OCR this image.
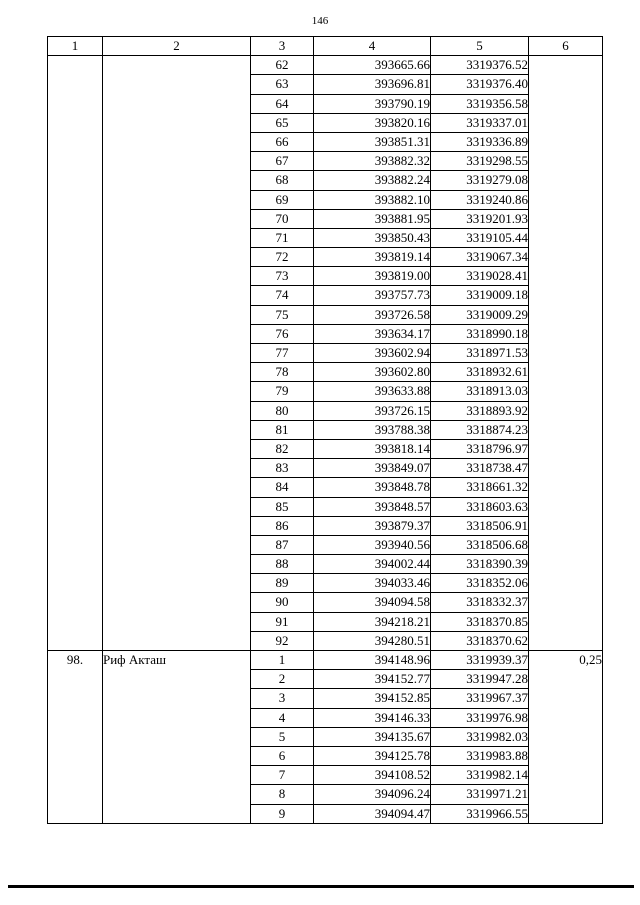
146
1	2	3	4	5	6
		62	393665.66	3319376.52	
		63	393696.81	3319376.40	
		64	393790.19	3319356.58	
		65	393820.16	3319337.01	
		66	393851.31	3319336.89	
		67	393882.32	3319298.55	
		68	393882.24	3319279.08	
		69	393882.10	3319240.86	
		70	393881.95	3319201.93	
		71	393850.43	3319105.44	
		72	393819.14	3319067.34	
		73	393819.00	3319028.41	
		74	393757.73	3319009.18	
		75	393726.58	3319009.29	
		76	393634.17	3318990.18	
		77	393602.94	3318971.53	
		78	393602.80	3318932.61	
		79	393633.88	3318913.03	
		80	393726.15	3318893.92	
		81	393788.38	3318874.23	
		82	393818.14	3318796.97	
		83	393849.07	3318738.47	
		84	393848.78	3318661.32	
		85	393848.57	3318603.63	
		86	393879.37	3318506.91	
		87	393940.56	3318506.68	
		88	394002.44	3318390.39	
		89	394033.46	3318352.06	
		90	394094.58	3318332.37	
		91	394218.21	3318370.85	
		92	394280.51	3318370.62	
98.	Риф Акташ	1	394148.96	3319939.37	0,25
		2	394152.77	3319947.28	
		3	394152.85	3319967.37	
		4	394146.33	3319976.98	
		5	394135.67	3319982.03	
		6	394125.78	3319983.88	
		7	394108.52	3319982.14	
		8	394096.24	3319971.21	
		9	394094.47	3319966.55	
